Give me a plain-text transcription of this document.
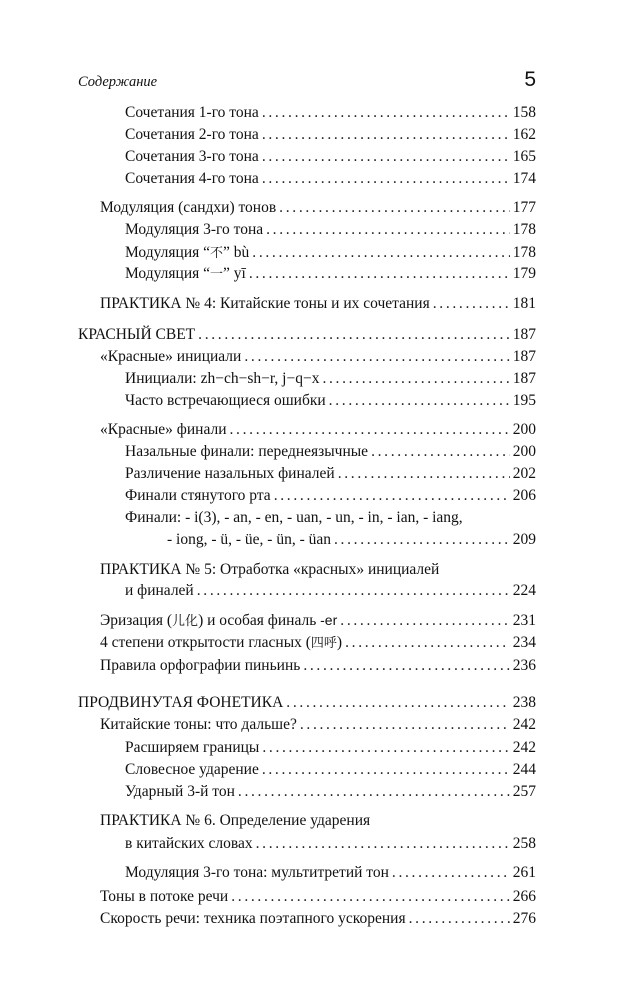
Содержание	5
Сочетания 1-го тона . . .	158
Сочетания 2-го тона . . .	162
Сочетания 3-го тона . . .	165
Сочетания 4-го тона . . .	174
Модуляция (сандхи) тонов . . .	177
Модуляция 3-го тона . . .	178
Модуляция “不” bù . . .	178
Модуляция “一” yī . . .	179
ПРАКТИКА № 4: Китайские тоны и их сочетания . . .	181
КРАСНЫЙ СВЕТ . . .	187
«Красные» инициали . . .	187
Инициали: zh−ch−sh−r, j−q−x . . .	187
Часто встречающиеся ошибки . . .	195
«Красные» финали . . .	200
Назальные финали: переднеязычные . . .	200
Различение назальных финалей . . .	202
Финали стянутого рта . . .	206
Финали: - i(3), - an, - en, - uan, - un, - in, - ian, - iang,
- iong, - ü, - üe, - ün, - üan . . .	209
ПРАКТИКА № 5: Отработка «красных» инициалей
и финалей . . .	224
Эризация (儿化) и особая финаль -er . . .	231
4 степени открытости гласных (四呼) . . .	234
Правила орфографии пиньинь . . .	236
ПРОДВИНУТАЯ ФОНЕТИКА . . .	238
Китайские тоны: что дальше? . . .	242
Расширяем границы . . .	242
Словесное ударение . . .	244
Ударный 3-й тон . . .	257
ПРАКТИКА № 6. Определение ударения
в китайских словах . . .	258
Модуляция 3-го тона: мультитретий тон . . .	261
Тоны в потоке речи . . .	266
Скорость речи: техника поэтапного ускорения . . .	276
